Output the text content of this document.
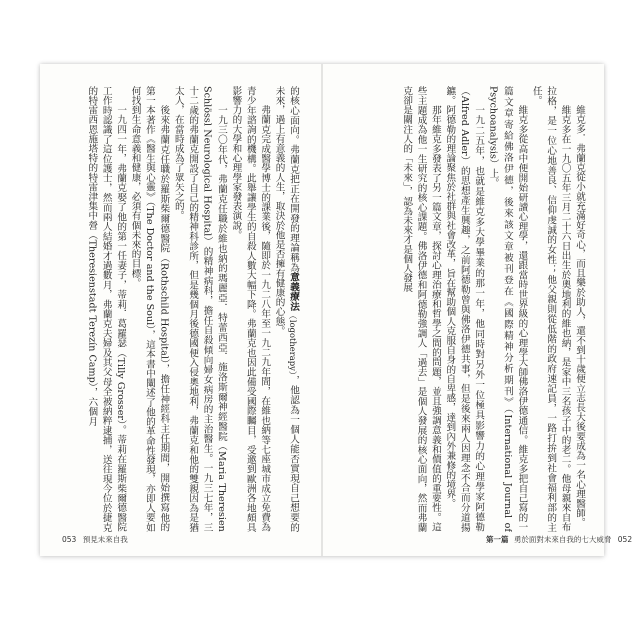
維克多．弗蘭克從小就充滿好奇心，而且樂於助人，還不到十歲便立志長大後要成為一名心理醫師。

維克多在一九〇五年三月二十六日出生於奧地利的維也納，是家中三名孩子中的老二。他母親來自布拉格，是一位心地善良、信仰虔誠的女性；他父親則從低階的政府速記員，一路打拚到社會福利部的主任。

維克多從高中便開始研讀心理學，還跟當時世界級的心理學大師佛洛伊德通信。維克多把自己寫的一篇文章寄給佛洛伊德，後來該文章被刊登在《國際精神分析期刊》（International Journal of Psychoanalysis）上。

一九二五年，也就是維克多大學畢業的那一年，他同時對另外一位極具影響力的心理學家阿德勒（Alfred Adler）的思想產生興趣，之前阿德勒曾與佛洛伊德共事，但是後來兩人因理念不合而分道揚鑣。阿德勒的理論聚焦於社群與社會改革，旨在幫助個人克服自身的自卑感，達到內外兼修的境界。

那年維克多發表了另一篇文章，探討心理治療和哲學之間的問題，並且強調意義和價值的重要性。這些主題成為他一生研究的核心課題。佛洛伊德和阿德勒強調人「過去」是個人發展的核心面向，然而弗蘭克卻是關注人的「未來」，認為未來才是個人發展

的核心面向。弗蘭克把正在開發的理論稱為意義療法（logotherapy），他認為一個人能否實現自己想要的未來，過上有意義的人生，取決於他是否擁有健康的心態。

弗蘭克完成醫學博士的課業後，隨即於一九二八年至一九二九年間，在維也納等七座城市成立免費為青少年諮詢的機構。此舉讓學生的自殺人數大幅下降。弗蘭克也因此備受國際矚目，受邀到歐洲各地頗具影響力的大學和心理學家發表演說。

一九三〇年代，弗蘭克任職於維也納的瑪麗亞．特蕾西亞．施洛斯爾神經醫院（Maria Theresien Schlössl Neurological Hospital）的精神病科，擔任自殺傾向婦女病房的主治醫生。一九三七年，三十二歲的弗蘭克開設了自己的精神科診所，但是幾個月後德國便入侵奧地利，弗蘭克和他的雙親因為是猶太人，在當時成為了眾矢之的。

後來弗蘭克任職於羅斯柴爾德醫院（Rothschild Hospital），擔任神經科主任期間，開始撰寫他的第一本著作《醫生與心靈》（The Doctor and the Soul），這本書中闡述了他的革命性發現，亦即人要如何找到生命意義和健康，必須有個未來的目標。

一九四一年，弗蘭克娶了他的第一任妻子，蒂莉．葛羅瑟（Tilly Grosser）。蒂莉在羅斯柴爾德醫院工作時認識了這位護士，然而兩人結婚才過數月，弗蘭克夫婦及其父母全被納粹逮捕，送往現今位於捷克的特雷西恩施塔特的特雷津集中營（Theresienstadt Terezín Camp），六個月

053 預見未來自我	第一篇 勇於面對未來自我的七大威脅 052
